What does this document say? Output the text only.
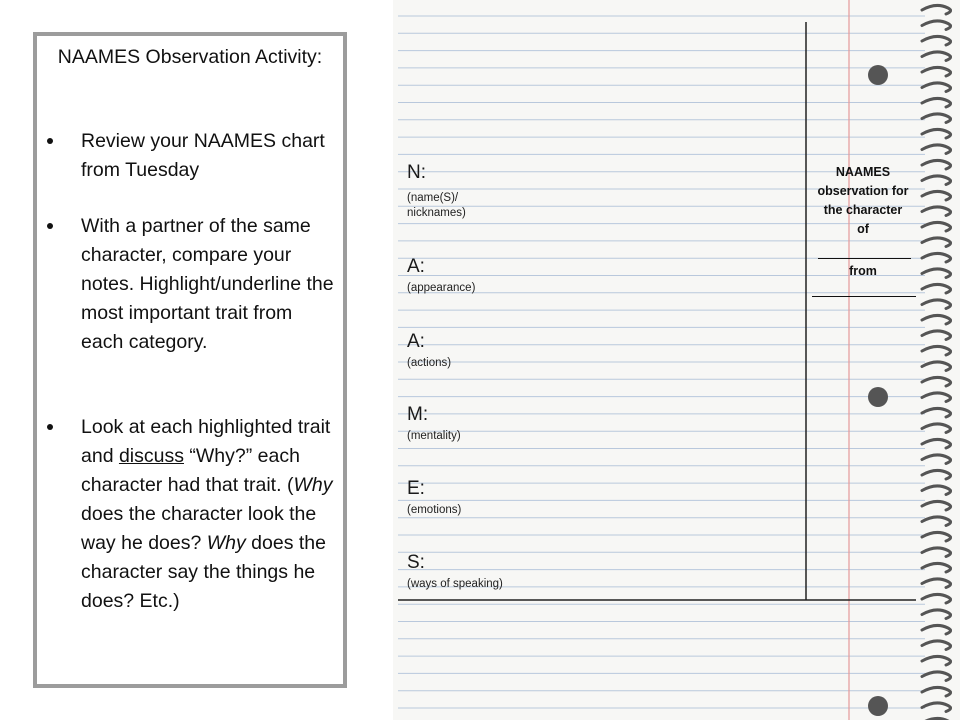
NAAMES Observation Activity:
Review your NAAMES chart from Tuesday
With a partner of the same character, compare your notes. Highlight/underline the most important trait from each category.
Look at each highlighted trait and discuss “Why?” each character had that trait. (Why does the character look the way he does? Why does the character say the things he does? Etc.)
N:
(name(S)/
nicknames)
A:
(appearance)
A:
(actions)
M:
(mentality)
E:
(emotions)
S:
(ways of speaking)
NAAMES
observation for
the character
of
from
